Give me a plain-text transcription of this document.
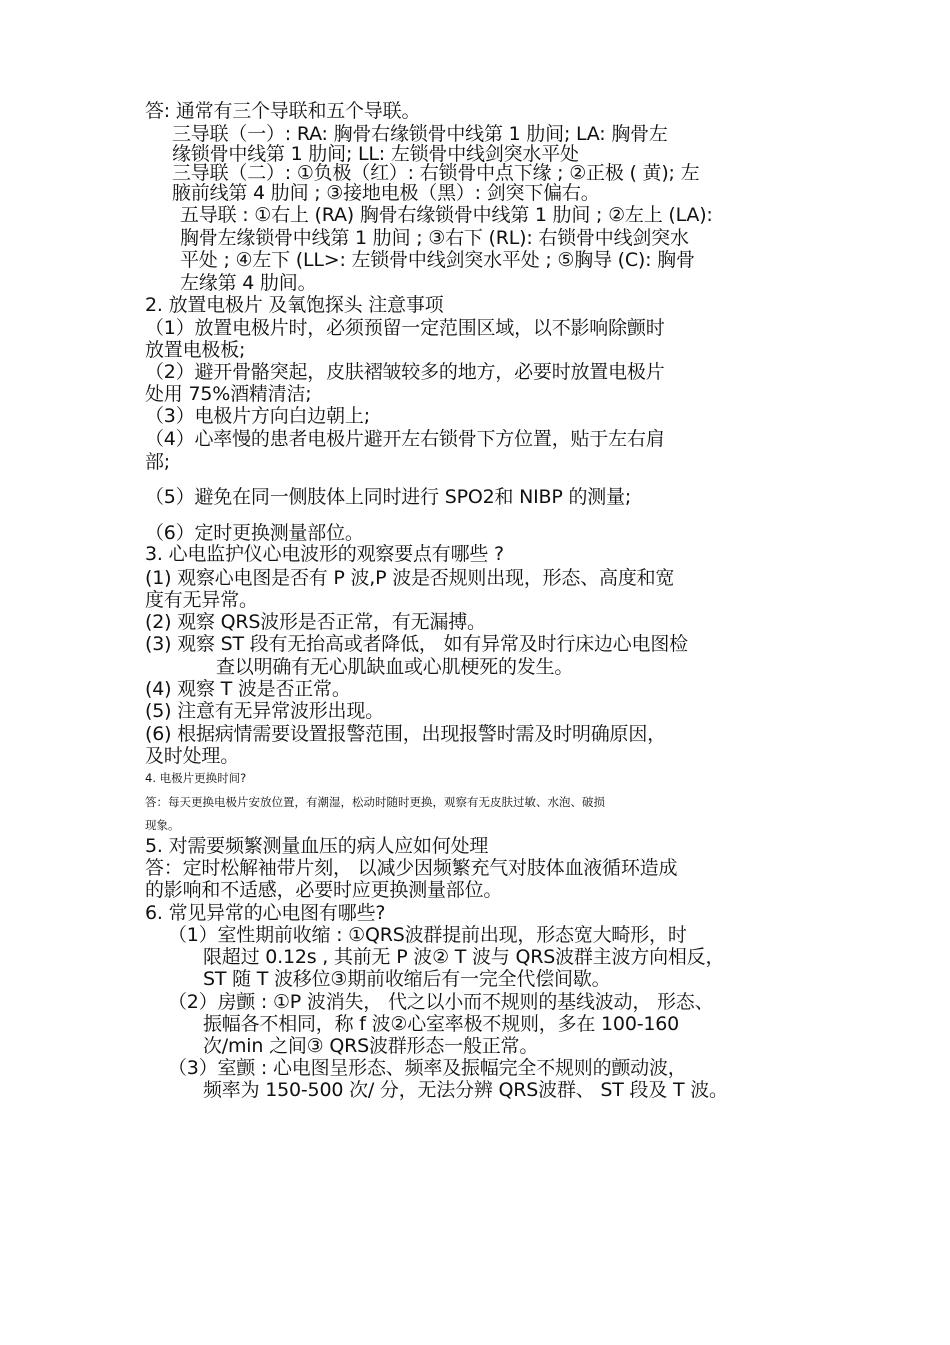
答: 通常有三个导联和五个导联。

三导联（一）: RA: 胸骨右缘锁骨中线第 1 肋间; LA: 胸骨左

缘锁骨中线第 1 肋间; LL: 左锁骨中线剑突水平处

三导联（二）: ①负极（红）: 右锁骨中点下缘 ; ②正极 ( 黄); 左

腋前线第 4 肋间 ; ③接地电极（黑）: 剑突下偏右。

五导联 : ①右上 (RA) 胸骨右缘锁骨中线第 1 肋间 ; ②左上 (LA):

胸骨左缘锁骨中线第 1 肋间 ; ③右下 (RL): 右锁骨中线剑突水

平处 ; ④左下 (LL>: 左锁骨中线剑突水平处 ; ⑤胸导 (C): 胸骨

左缘第 4 肋间。

2. 放置电极片 及氧饱探头 注意事项

（1）放置电极片时，必须预留一定范围区域，以不影响除颤时

放置电极板;

（2）避开骨骼突起，皮肤褶皱较多的地方，必要时放置电极片

处用 75%酒精清洁;

（3）电极片方向白边朝上;

（4）心率慢的患者电极片避开左右锁骨下方位置，贴于左右肩

部;

（5）避免在同一侧肢体上同时进行 SPO2和 NIBP 的测量;

（6）定时更换测量部位。

3. 心电监护仪心电波形的观察要点有哪些 ?

(1) 观察心电图是否有 P 波,P 波是否规则出现，形态、高度和宽

度有无异常。

(2) 观察 QRS波形是否正常，有无漏搏。

(3) 观察 ST 段有无抬高或者降低， 如有异常及时行床边心电图检

查以明确有无心肌缺血或心肌梗死的发生。

(4) 观察 T 波是否正常。

(5) 注意有无异常波形出现。

(6) 根据病情需要设置报警范围，出现报警时需及时明确原因，

及时处理。

4. 电极片更换时间?

答：每天更换电极片安放位置，有潮湿，松动时随时更换，观察有无皮肤过敏、水泡、破损

现象。

5. 对需要频繁测量血压的病人应如何处理

答：定时松解袖带片刻， 以减少因频繁充气对肢体血液循环造成

的影响和不适感，必要时应更换测量部位。

6. 常见异常的心电图有哪些?

（1）室性期前收缩 : ①QRS波群提前出现，形态宽大畸形，时

限超过 0.12s , 其前无 P 波② T 波与 QRS波群主波方向相反，

ST 随 T 波移位③期前收缩后有一完全代偿间歇。

（2）房颤 : ①P 波消失， 代之以小而不规则的基线波动， 形态、

振幅各不相同，称 f 波②心室率极不规则，多在 100-160

次/min 之间③ QRS波群形态一般正常。

（3）室颤 : 心电图呈形态、频率及振幅完全不规则的颤动波，

频率为 150-500 次/ 分，无法分辨 QRS波群、 ST 段及 T 波。
